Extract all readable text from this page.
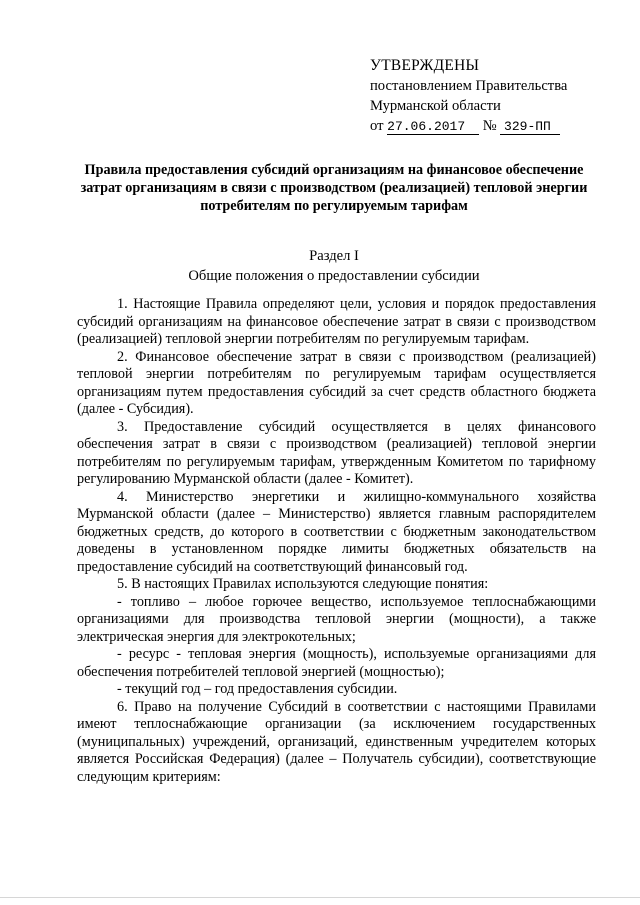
УТВЕРЖДЕНЫ
постановлением Правительства
Мурманской области
от 27.06.2017 № 329-ПП
Правила предоставления субсидий организациям на финансовое обеспечение затрат организациям в связи с производством (реализацией) тепловой энергии потребителям по регулируемым тарифам
Раздел I
Общие положения о предоставлении субсидии

1. Настоящие Правила определяют цели, условия и порядок предоставления субсидий организациям на финансовое обеспечение затрат в связи с производством (реализацией) тепловой энергии потребителям по регулируемым тарифам.

2. Финансовое обеспечение затрат в связи с производством (реализацией) тепловой энергии потребителям по регулируемым тарифам осуществляется организациям путем предоставления субсидий за счет средств областного бюджета (далее - Субсидия).

3. Предоставление субсидий осуществляется в целях финансового обеспечения затрат в связи с производством (реализацией) тепловой энергии потребителям по регулируемым тарифам, утвержденным Комитетом по тарифному регулированию Мурманской области (далее - Комитет).

4. Министерство энергетики и жилищно-коммунального хозяйства Мурманской области (далее – Министерство) является главным распорядителем бюджетных средств, до которого в соответствии с бюджетным законодательством доведены в установленном порядке лимиты бюджетных обязательств на предоставление субсидий на соответствующий финансовый год.

5. В настоящих Правилах используются следующие понятия:

- топливо – любое горючее вещество, используемое теплоснабжающими организациями для производства тепловой энергии (мощности), а также электрическая энергия для электрокотельных;

- ресурс - тепловая энергия (мощность), используемые организациями для обеспечения потребителей тепловой энергией (мощностью);

- текущий год – год предоставления субсидии.

6. Право на получение Субсидий в соответствии с настоящими Правилами имеют теплоснабжающие организации (за исключением государственных (муниципальных) учреждений, организаций, единственным учредителем которых является Российская Федерация) (далее – Получатель субсидии), соответствующие следующим критериям:
